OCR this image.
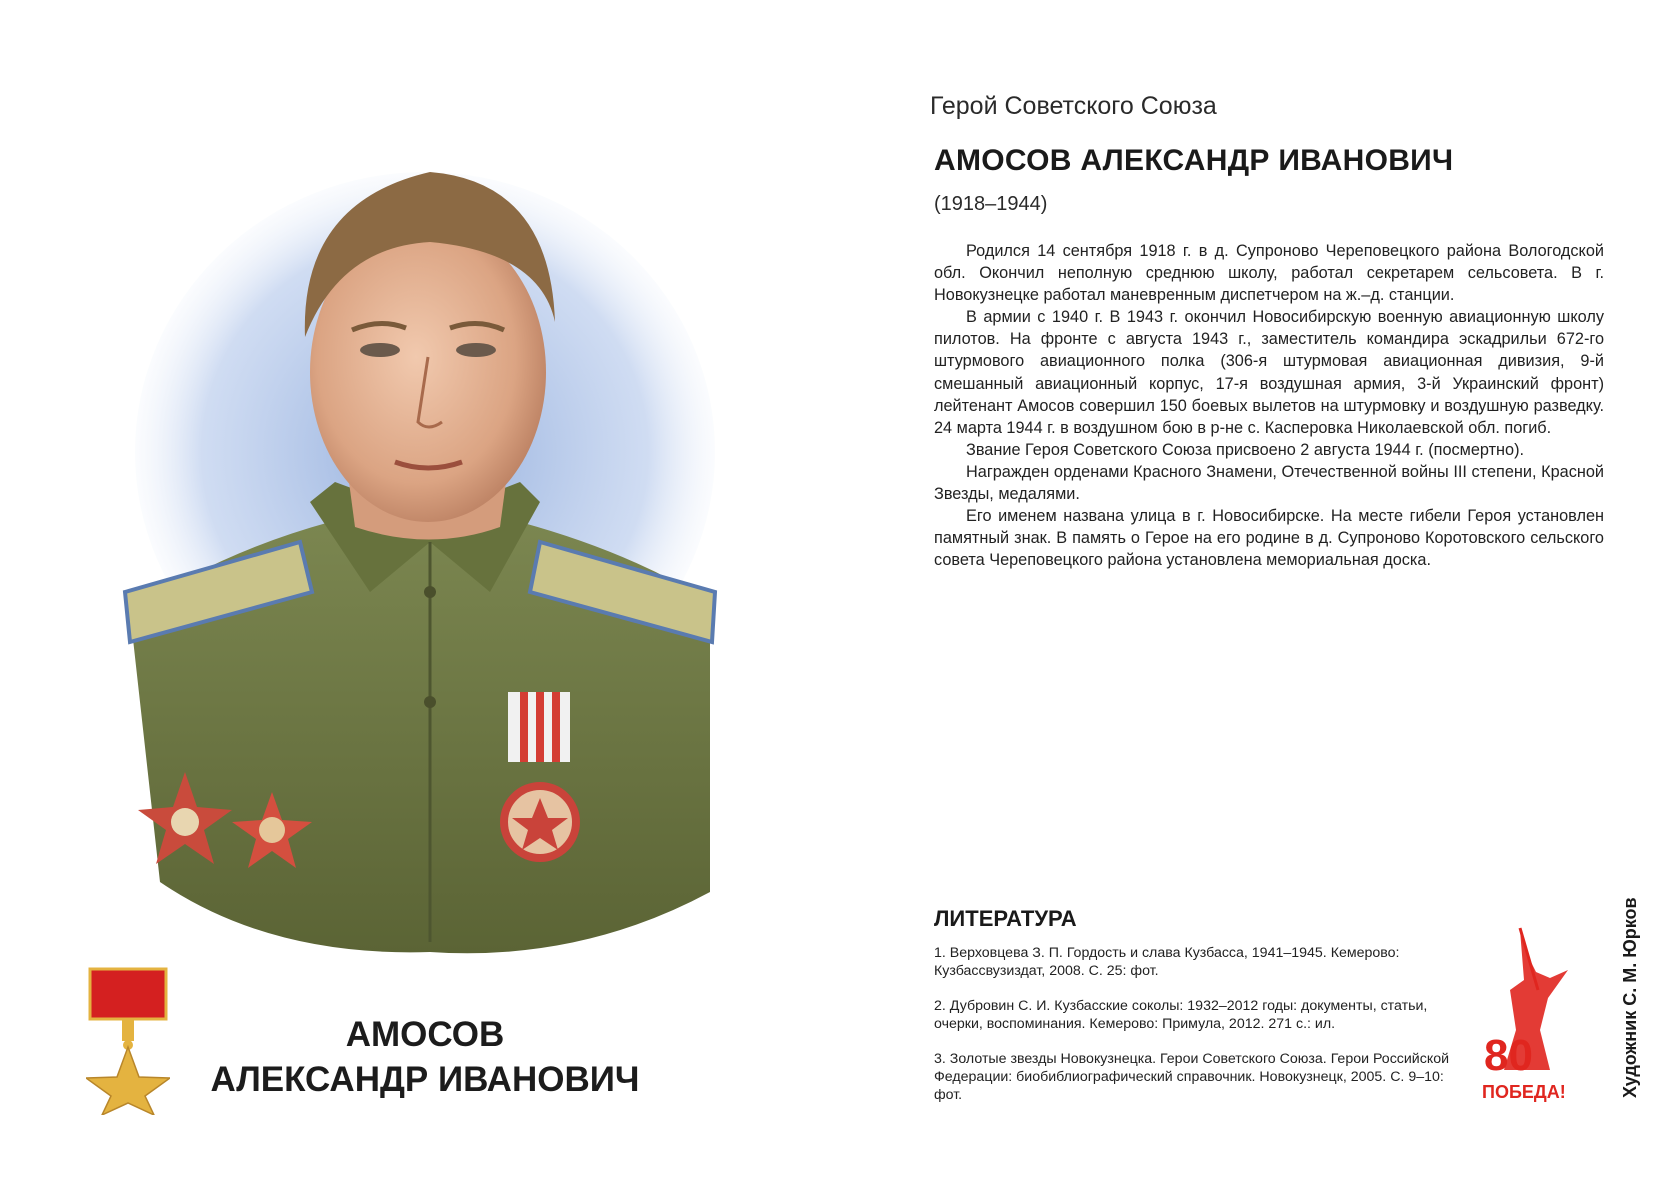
АМОСОВ
АЛЕКСАНДР ИВАНОВИЧ
Герой Советского Союза
АМОСОВ АЛЕКСАНДР ИВАНОВИЧ
(1918–1944)

Родился 14 сентября 1918 г. в д. Супроново Череповецкого района Вологодской обл. Окончил неполную среднюю школу, работал секретарем сельсовета. В г. Новокузнецке работал маневренным диспетчером на ж.–д. станции.

В армии с 1940 г. В 1943 г. окончил Новосибирскую военную авиационную школу пилотов. На фронте с августа 1943 г., заместитель командира эскадрильи 672-го штурмового авиационного полка (306-я штурмовая авиационная дивизия, 9-й смешанный авиационный корпус, 17-я воздушная армия, 3-й Украинский фронт) лейтенант Амосов совершил 150 боевых вылетов на штурмовку и воздушную разведку. 24 марта 1944 г. в воздушном бою в р-не с. Касперовка Николаевской обл. погиб.

Звание Героя Советского Союза присвоено 2 августа 1944 г. (посмертно).

Награжден орденами Красного Знамени, Отечественной войны III степени, Красной Звезды, медалями.

Его именем названа улица в г. Новосибирске. На месте гибели Героя установлен памятный знак. В память о Герое на его родине в д. Супроново Коротовского сельского совета Череповецкого района установлена мемориальная доска.

ЛИТЕРАТУРА

1. Верховцева З. П. Гордость и слава Кузбасса, 1941–1945. Кемерово: Кузбассвузиздат, 2008. С. 25: фот.

2. Дубровин С. И. Кузбасские соколы: 1932–2012 годы: документы, статьи, очерки, воспоминания. Кемерово: Примула, 2012. 271 с.: ил.

3. Золотые звезды Новокузнецка. Герои Советского Союза. Герои Российской Федерации: биобиблиографический справочник. Новокузнецк, 2005. С. 9–10: фот.

80
ПОБЕДА!	Художник С. М. Юрков
